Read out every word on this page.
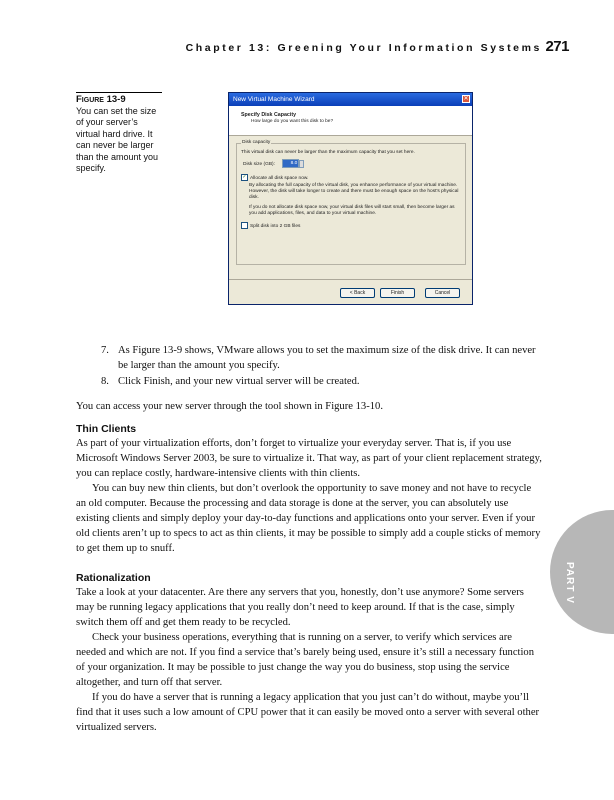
Chapter 13: Greening Your Information Systems 271
Figure 13-9
You can set the size of your server’s virtual hard drive. It can never be larger than the amount you specify.
New Virtual Machine Wizard	✕
Specify Disk Capacity
How large do you want this disk to be?
Disk capacity
This virtual disk can never be larger than the maximum capacity that you set here.
Disk size (GB):	8.0
✓ Allocate all disk space now.
By allocating the full capacity of the virtual disk, you enhance performance of your virtual machine. However, the disk will take longer to create and there must be enough space on the host's physical disk.
If you do not allocate disk space now, your virtual disk files will start small, then become larger as you add applications, files, and data to your virtual machine.
Split disk into 2 GB files
< Back	Finish	Cancel
7. As Figure 13-9 shows, VMware allows you to set the maximum size of the disk drive. It can never be larger than the amount you specify.
8. Click Finish, and your new virtual server will be created.

You can access your new server through the tool shown in Figure 13-10.

Thin Clients

As part of your virtualization efforts, don’t forget to virtualize your everyday server. That is, if you use Microsoft Windows Server 2003, be sure to virtualize it. That way, as part of your client replacement strategy, you can replace costly, hardware-intensive clients with thin clients.

You can buy new thin clients, but don’t overlook the opportunity to save money and not have to recycle an old computer. Because the processing and data storage is done at the server, you can absolutely use existing clients and simply deploy your day-to-day functions and applications onto your server. Even if your old clients aren’t up to specs to act as thin clients, it may be possible to simply add a couple sticks of memory to get them up to snuff.

Rationalization

Take a look at your datacenter. Are there any servers that you, honestly, don’t use anymore? Some servers may be running legacy applications that you really don’t need to keep around. If that is the case, simply switch them off and get them ready to be recycled.

Check your business operations, everything that is running on a server, to verify which services are needed and which are not. If you find a service that’s barely being used, ensure it’s still a necessary function of your organization. It may be possible to just change the way you do business, stop using the service altogether, and turn off that server.

If you do have a server that is running a legacy application that you just can’t do without, maybe you’ll find that it uses such a low amount of CPU power that it can easily be moved onto a server with several other virtualized servers.

PART V
